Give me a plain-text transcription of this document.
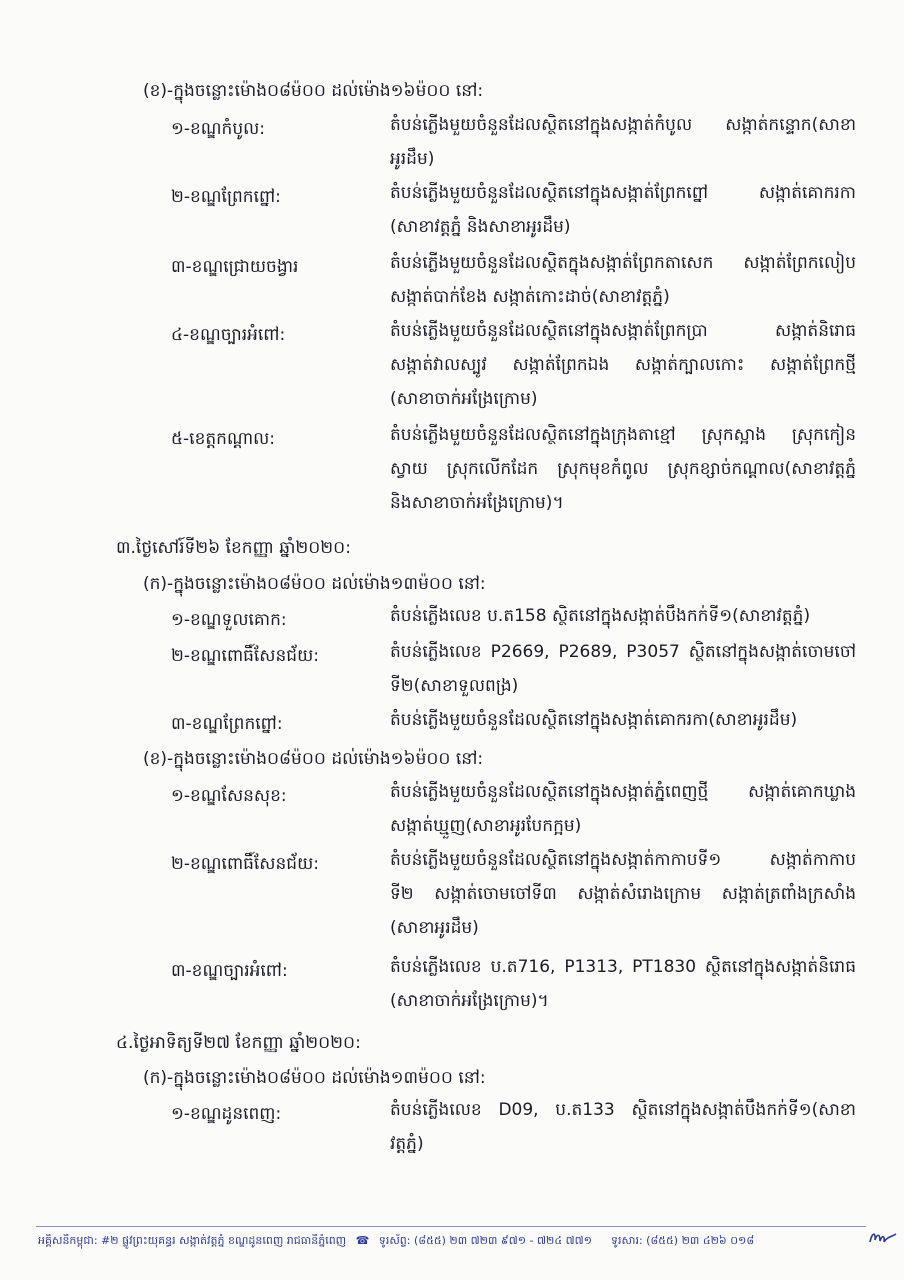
(ខ)-ក្នុងចន្លោះម៉ោង០៨ម៉០០ ដល់ម៉ោង១៦ម៉០០ នៅ:
១-ខណ្ឌកំបូល:	តំបន់ភ្លើងមួយចំនួនដែលស្ថិតនៅក្នុងសង្កាត់កំបូល សង្កាត់កន្ទោក(សាខា
អូរដឹម)
២-ខណ្ឌព្រែកព្នៅ:	តំបន់ភ្លើងមួយចំនួនដែលស្ថិតនៅក្នុងសង្កាត់ព្រែកព្នៅ សង្កាត់គោករកា
(សាខាវត្តភ្នំ និងសាខាអូរដឹម)
៣-ខណ្ឌជ្រោយចង្វារ	តំបន់ភ្លើងមួយចំនួនដែលស្ថិតក្នុងសង្កាត់ព្រែកតាសេក សង្កាត់ព្រែកលៀប
សង្កាត់បាក់ខែង សង្កាត់កោះដាច់(សាខាវត្តភ្នំ)
៤-ខណ្ឌច្បារអំពៅ:	តំបន់ភ្លើងមួយចំនួនដែលស្ថិតនៅក្នុងសង្កាត់ព្រែកប្រា សង្កាត់និរោធ
សង្កាត់វាលស្បូវ សង្កាត់ព្រែកឯង សង្កាត់ក្បាលកោះ សង្កាត់ព្រែកថ្មី
(សាខាចាក់អង្រែក្រោម)
៥-ខេត្តកណ្ដាល:	តំបន់ភ្លើងមួយចំនួនដែលស្ថិតនៅក្នុងក្រុងតាខ្មៅ ស្រុកស្អាង ស្រុកកៀន
ស្វាយ ស្រុកលើកដែក ស្រុកមុខកំពូល ស្រុកខ្សាច់កណ្ដាល(សាខាវត្តភ្នំ
និងសាខាចាក់អង្រែក្រោម)។
៣.ថ្ងៃសៅរ៍ទី២៦ ខែកញ្ញា ឆ្នាំ២០២០:
(ក)-ក្នុងចន្លោះម៉ោង០៨ម៉០០ ដល់ម៉ោង១៣ម៉០០ នៅ:
១-ខណ្ឌទួលគោក:	តំបន់ភ្លើងលេខ ប.ត158 ស្ថិតនៅក្នុងសង្កាត់បឹងកក់ទី១(សាខាវត្តភ្នំ)
២-ខណ្ឌពោធិ៍សែនជ័យ:	តំបន់ភ្លើងលេខ P2669, P2689, P3057 ស្ថិតនៅក្នុងសង្កាត់ចោមចៅ
ទី២(សាខាទួលពង្រ)
៣-ខណ្ឌព្រែកព្នៅ:	តំបន់ភ្លើងមួយចំនួនដែលស្ថិតនៅក្នុងសង្កាត់គោករកា(សាខាអូរដឹម)
(ខ)-ក្នុងចន្លោះម៉ោង០៨ម៉០០ ដល់ម៉ោង១៦ម៉០០ នៅ:
១-ខណ្ឌសែនសុខ:	តំបន់ភ្លើងមួយចំនួនដែលស្ថិតនៅក្នុងសង្កាត់ភ្នំពេញថ្មី សង្កាត់គោកឃ្លាង
សង្កាត់ឃ្មួញ(សាខាអូរបែកក្អម)
២-ខណ្ឌពោធិ៍សែនជ័យ:	តំបន់ភ្លើងមួយចំនួនដែលស្ថិតនៅក្នុងសង្កាត់កាកាបទី១ សង្កាត់កាកាប
ទី២ សង្កាត់ចោមចៅទី៣ សង្កាត់សំរោងក្រោម សង្កាត់ត្រពាំងក្រសាំង
(សាខាអូរដឹម)
៣-ខណ្ឌច្បារអំពៅ:	តំបន់ភ្លើងលេខ ប.ត716, P1313, PT1830 ស្ថិតនៅក្នុងសង្កាត់និរោធ
(សាខាចាក់អង្រែក្រោម)។
៤.ថ្ងៃអាទិត្យទី២៧ ខែកញ្ញា ឆ្នាំ២០២០:
(ក)-ក្នុងចន្លោះម៉ោង០៨ម៉០០ ដល់ម៉ោង១៣ម៉០០ នៅ:
១-ខណ្ឌដូនពេញ:	តំបន់ភ្លើងលេខ D09, ប.ត133 ស្ថិតនៅក្នុងសង្កាត់បឹងកក់ទី១(សាខា
វត្តភ្នំ)
អគ្គិសនីកម្ពុជា: #២ ផ្លូវព្រះយុគន្ធរ សង្កាត់វត្តភ្នំ ខណ្ឌដូនពេញ រាជធានីភ្នំពេញ ☎ ទូរស័ព្ទ: (៨៥៥) ២៣ ៧២៣ ៩៧១ - ៧២៤ ៧៧១ ទូរសារ: (៨៥៥) ២៣ ៤២៦ ០១៨
